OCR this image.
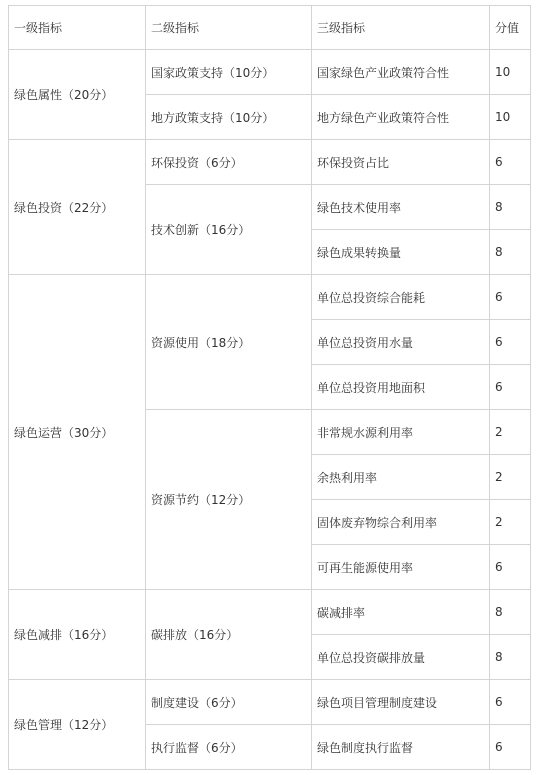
一级指标	二级指标	三级指标	分值
绿色属性（20分）	国家政策支持（10分）	国家绿色产业政策符合性	10
	地方政策支持（10分）	地方绿色产业政策符合性	10
绿色投资（22分）	环保投资（6分）	环保投资占比	6
	技术创新（16分）	绿色技术使用率	8
		绿色成果转换量	8
绿色运营（30分）	资源使用（18分）	单位总投资综合能耗	6
		单位总投资用水量	6
		单位总投资用地面积	6
	资源节约（12分）	非常规水源利用率	2
		余热利用率	2
		固体废弃物综合利用率	2
		可再生能源使用率	6
绿色减排（16分）	碳排放（16分）	碳减排率	8
		单位总投资碳排放量	8
绿色管理（12分）	制度建设（6分）	绿色项目管理制度建设	6
	执行监督（6分）	绿色制度执行监督	6
